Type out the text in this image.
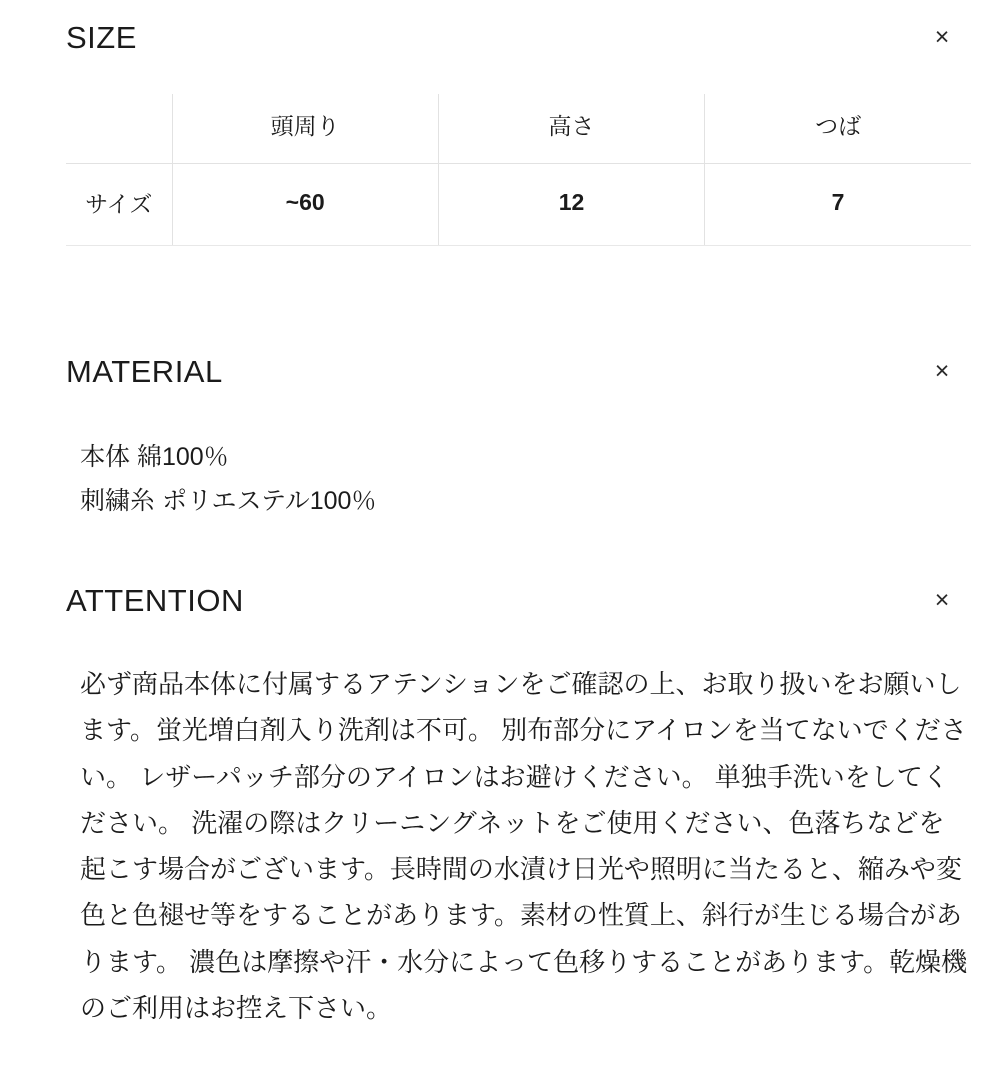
SIZE	×
	頭周り	高さ	つば
サイズ	~60	12	7
MATERIAL	×
本体 綿100％
刺繍糸 ポリエステル100％
ATTENTION	×
必ず商品本体に付属するアテンションをご確認の上、お取り扱いをお願いします。蛍光増白剤入り洗剤は不可。 別布部分にアイロンを当てないでください。 レザーパッチ部分のアイロンはお避けください。 単独手洗いをしてください。 洗濯の際はクリーニングネットをご使用ください、色落ちなどを起こす場合がございます。長時間の水漬け日光や照明に当たると、縮みや変色と色褪せ等をすることがあります。素材の性質上、斜行が生じる場合があります。 濃色は摩擦や汗・水分によって色移りすることがあります。乾燥機のご利用はお控え下さい。
